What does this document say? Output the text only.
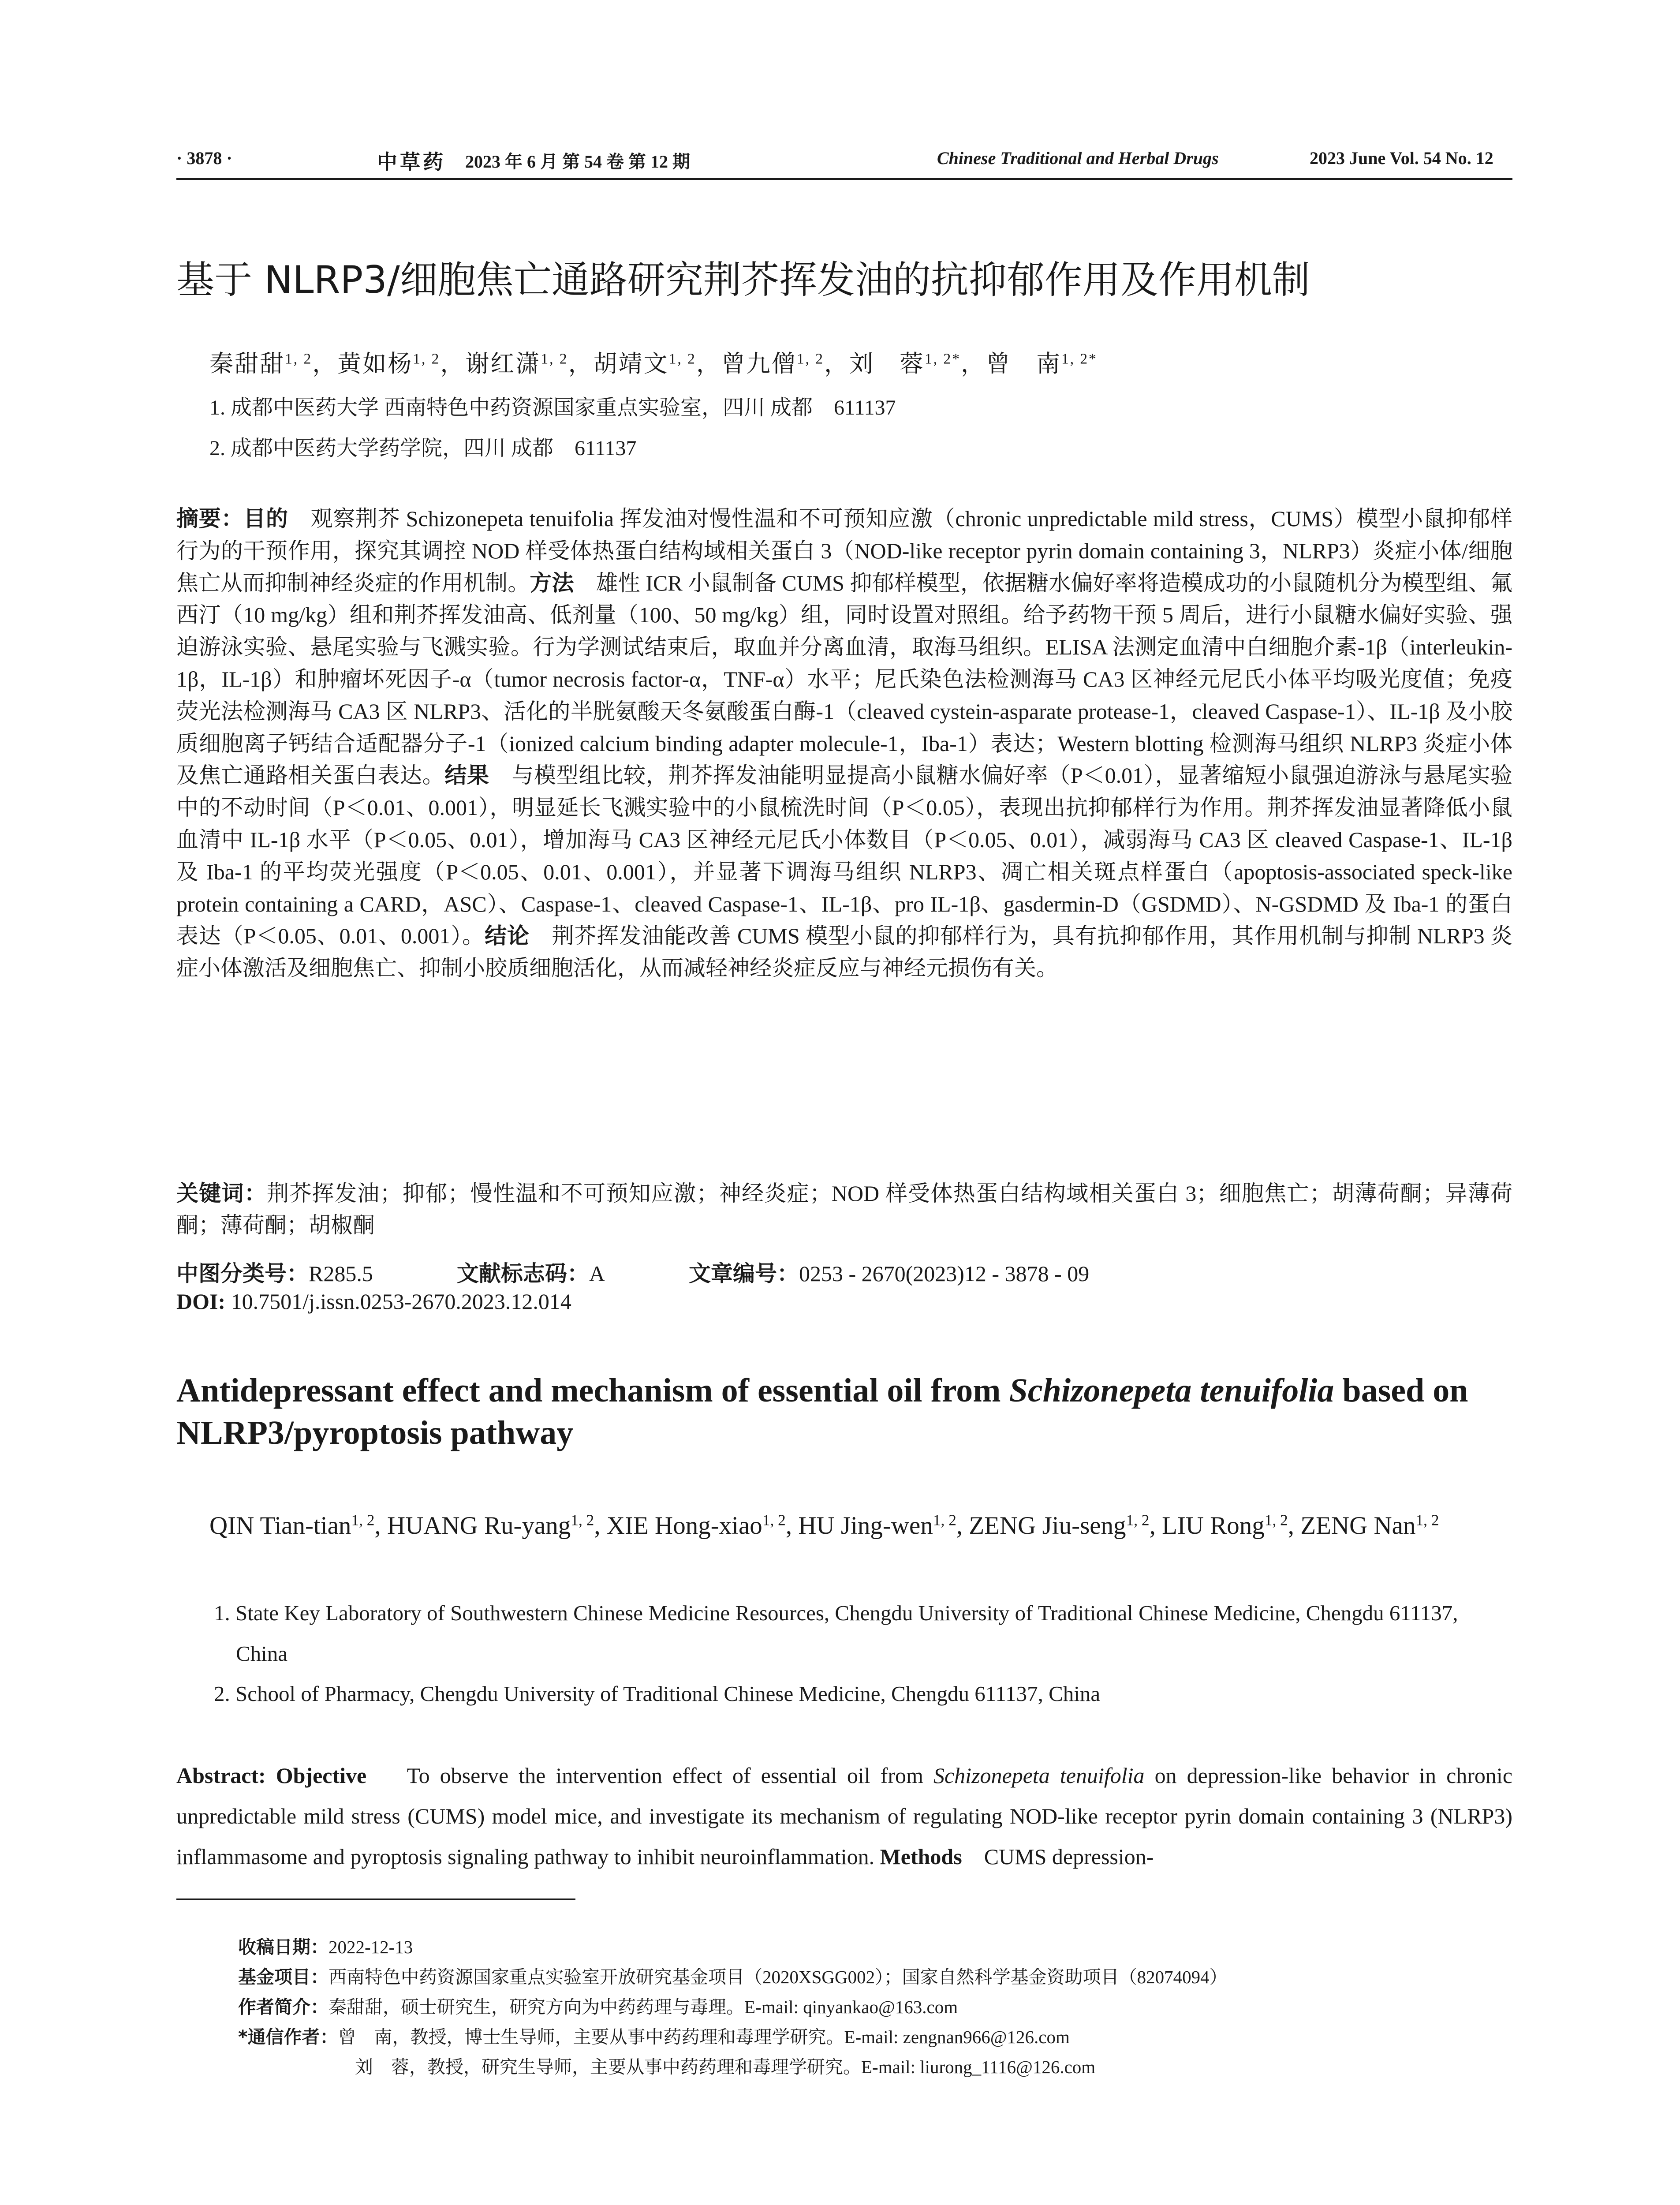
· 3878 ·	中草药 2023 年 6 月 第 54 卷 第 12 期	Chinese Traditional and Herbal Drugs	2023 June Vol. 54 No. 12
基于 NLRP3/细胞焦亡通路研究荆芥挥发油的抗抑郁作用及作用机制
秦甜甜$^{1, 2}$，黄如杨$^{1, 2}$，谢红潇$^{1, 2}$，胡靖文$^{1, 2}$，曾九僧$^{1, 2}$，刘　蓉$^{1, 2*}$，曾　南$^{1, 2*}$
1. 成都中医药大学 西南特色中药资源国家重点实验室，四川 成都　611137
2. 成都中医药大学药学院，四川 成都　611137
摘要：目的　 观察荆芥 Schizonepeta tenuifolia 挥发油对慢性温和不可预知应激（chronic unpredictable mild stress，CUMS）模型小鼠抑郁样行为的干预作用，探究其调控 NOD 样受体热蛋白结构域相关蛋白 3（NOD-like receptor pyrin domain containing 3，NLRP3）炎症小体/细胞焦亡从而抑制神经炎症的作用机制。方法　 雄性 ICR 小鼠制备 CUMS 抑郁样模型，依据糖水偏好率将造模成功的小鼠随机分为模型组、氟西汀（10 mg/kg）组和荆芥挥发油高、低剂量（100、50 mg/kg）组，同时设置对照组。给予药物干预 5 周后，进行小鼠糖水偏好实验、强迫游泳实验、悬尾实验与飞溅实验。行为学测试结束后，取血并分离血清，取海马组织。ELISA 法测定血清中白细胞介素-1β（interleukin-1β，IL-1β）和肿瘤坏死因子-α（tumor necrosis factor-α，TNF-α）水平；尼氏染色法检测海马 CA3 区神经元尼氏小体平均吸光度值；免疫荧光法检测海马 CA3 区 NLRP3、活化的半胱氨酸天冬氨酸蛋白酶-1（cleaved cystein-asparate protease-1，cleaved Caspase-1）、IL-1β 及小胶质细胞离子钙结合适配器分子-1（ionized calcium binding adapter molecule-1，Iba-1）表达；Western blotting 检测海马组织 NLRP3 炎症小体及焦亡通路相关蛋白表达。结果　 与模型组比较，荆芥挥发油能明显提高小鼠糖水偏好率（P＜0.01），显著缩短小鼠强迫游泳与悬尾实验中的不动时间（P＜0.01、0.001），明显延长飞溅实验中的小鼠梳洗时间（P＜0.05），表现出抗抑郁样行为作用。荆芥挥发油显著降低小鼠血清中 IL-1β 水平（P＜0.05、0.01），增加海马 CA3 区神经元尼氏小体数目（P＜0.05、0.01），减弱海马 CA3 区 cleaved Caspase-1、IL-1β 及 Iba-1 的平均荧光强度（P＜0.05、0.01、0.001），并显著下调海马组织 NLRP3、凋亡相关斑点样蛋白（apoptosis-associated speck-like protein containing a CARD，ASC）、Caspase-1、cleaved Caspase-1、IL-1β、pro IL-1β、gasdermin-D（GSDMD）、N-GSDMD 及 Iba-1 的蛋白表达（P＜0.05、0.01、0.001）。结论　 荆芥挥发油能改善 CUMS 模型小鼠的抑郁样行为，具有抗抑郁作用，其作用机制与抑制 NLRP3 炎症小体激活及细胞焦亡、抑制小胶质细胞活化，从而减轻神经炎症反应与神经元损伤有关。
关键词：荆芥挥发油；抑郁；慢性温和不可预知应激；神经炎症；NOD 样受体热蛋白结构域相关蛋白 3；细胞焦亡；胡薄荷酮；异薄荷酮；薄荷酮；胡椒酮
中图分类号：R285.5	文献标志码：A	文章编号：0253 - 2670(2023)12 - 3878 - 09
DOI: 10.7501/j.issn.0253-2670.2023.12.014
Antidepressant effect and mechanism of essential oil from Schizonepeta tenuifolia based on NLRP3/pyroptosis pathway
QIN Tian-tian$^{1, 2}$, HUANG Ru-yang$^{1, 2}$, XIE Hong-xiao$^{1, 2}$, HU Jing-wen$^{1, 2}$, ZENG Jiu-seng$^{1, 2}$, LIU Rong$^{1, 2}$, ZENG Nan$^{1, 2}$
1. State Key Laboratory of Southwestern Chinese Medicine Resources, Chengdu University of Traditional Chinese Medicine, Chengdu 611137, China
2. School of Pharmacy, Chengdu University of Traditional Chinese Medicine, Chengdu 611137, China
Abstract: Objective To observe the intervention effect of essential oil from Schizonepeta tenuifolia on depression-like behavior in chronic unpredictable mild stress (CUMS) model mice, and investigate its mechanism of regulating NOD-like receptor pyrin domain containing 3 (NLRP3) inflammasome and pyroptosis signaling pathway to inhibit neuroinflammation. Methods CUMS depression-
收稿日期：2022-12-13
基金项目：西南特色中药资源国家重点实验室开放研究基金项目（2020XSGG002）；国家自然科学基金资助项目（82074094）
作者简介：秦甜甜，硕士研究生，研究方向为中药药理与毒理。E-mail: qinyankao@163.com
*通信作者：曾　南，教授，博士生导师，主要从事中药药理和毒理学研究。E-mail: zengnan966@126.com
刘　蓉，教授，研究生导师，主要从事中药药理和毒理学研究。E-mail: liurong_1116@126.com
